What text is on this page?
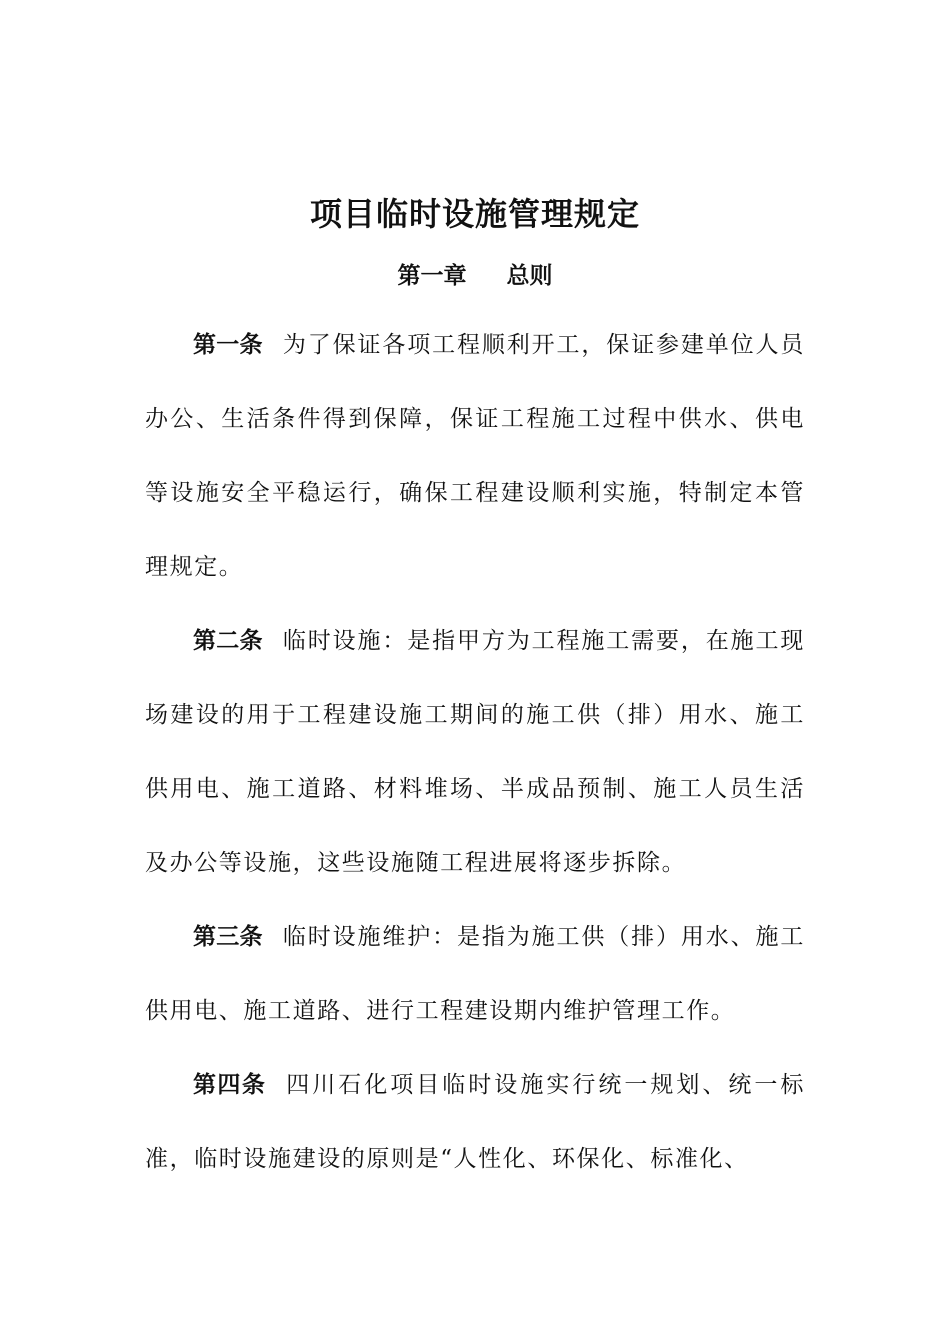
项目临时设施管理规定
第一章 总则

第一条 为了保证各项工程顺利开工，保证参建单位人员办公、生活条件得到保障，保证工程施工过程中供水、供电等设施安全平稳运行，确保工程建设顺利实施，特制定本管理规定。

第二条 临时设施：是指甲方为工程施工需要，在施工现场建设的用于工程建设施工期间的施工供（排）用水、施工供用电、施工道路、材料堆场、半成品预制、施工人员生活及办公等设施，这些设施随工程进展将逐步拆除。

第三条 临时设施维护：是指为施工供（排）用水、施工供用电、施工道路、进行工程建设期内维护管理工作。

第四条 四川石化项目临时设施实行统一规划、统一标准，临时设施建设的原则是“人性化、环保化、标准化、
